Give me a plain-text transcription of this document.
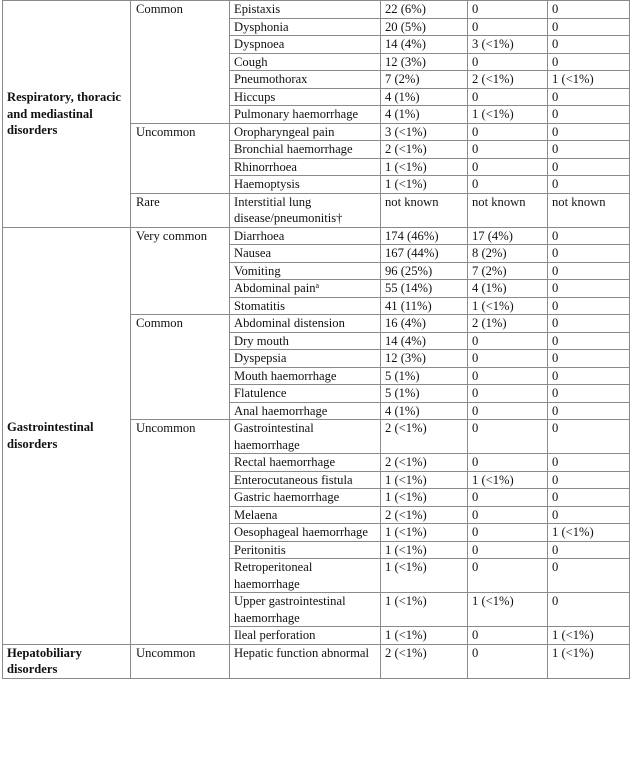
Respiratory, thoracic and mediastinal disorders	Common	Epistaxis	22 (6%)	0	0
		Dysphonia	20 (5%)	0	0
		Dyspnoea	14 (4%)	3 (<1%)	0
		Cough	12 (3%)	0	0
		Pneumothorax	7 (2%)	2 (<1%)	1 (<1%)
		Hiccups	4 (1%)	0	0
		Pulmonary haemorrhage	4 (1%)	1 (<1%)	0
	Uncommon	Oropharyngeal pain	3 (<1%)	0	0
		Bronchial haemorrhage	2 (<1%)	0	0
		Rhinorrhoea	1 (<1%)	0	0
		Haemoptysis	1 (<1%)	0	0
	Rare	Interstitial lung disease/pneumonitis†	not known	not known	not known
Gastrointestinal disorders	Very common	Diarrhoea	174 (46%)	17 (4%)	0
		Nausea	167 (44%)	8 (2%)	0
		Vomiting	96 (25%)	7 (2%)	0
		Abdominal pain$^a$	55 (14%)	4 (1%)	0
		Stomatitis	41 (11%)	1 (<1%)	0
	Common	Abdominal distension	16 (4%)	2 (1%)	0
		Dry mouth	14 (4%)	0	0
		Dyspepsia	12 (3%)	0	0
		Mouth haemorrhage	5 (1%)	0	0
		Flatulence	5 (1%)	0	0
		Anal haemorrhage	4 (1%)	0	0
	Uncommon	Gastrointestinal haemorrhage	2 (<1%)	0	0
		Rectal haemorrhage	2 (<1%)	0	0
		Enterocutaneous fistula	1 (<1%)	1 (<1%)	0
		Gastric haemorrhage	1 (<1%)	0	0
		Melaena	2 (<1%)	0	0
		Oesophageal haemorrhage	1 (<1%)	0	1 (<1%)
		Peritonitis	1 (<1%)	0	0
		Retroperitoneal haemorrhage	1 (<1%)	0	0
		Upper gastrointestinal haemorrhage	1 (<1%)	1 (<1%)	0
		Ileal perforation	1 (<1%)	0	1 (<1%)
Hepatobiliary disorders	Uncommon	Hepatic function abnormal	2 (<1%)	0	1 (<1%)
